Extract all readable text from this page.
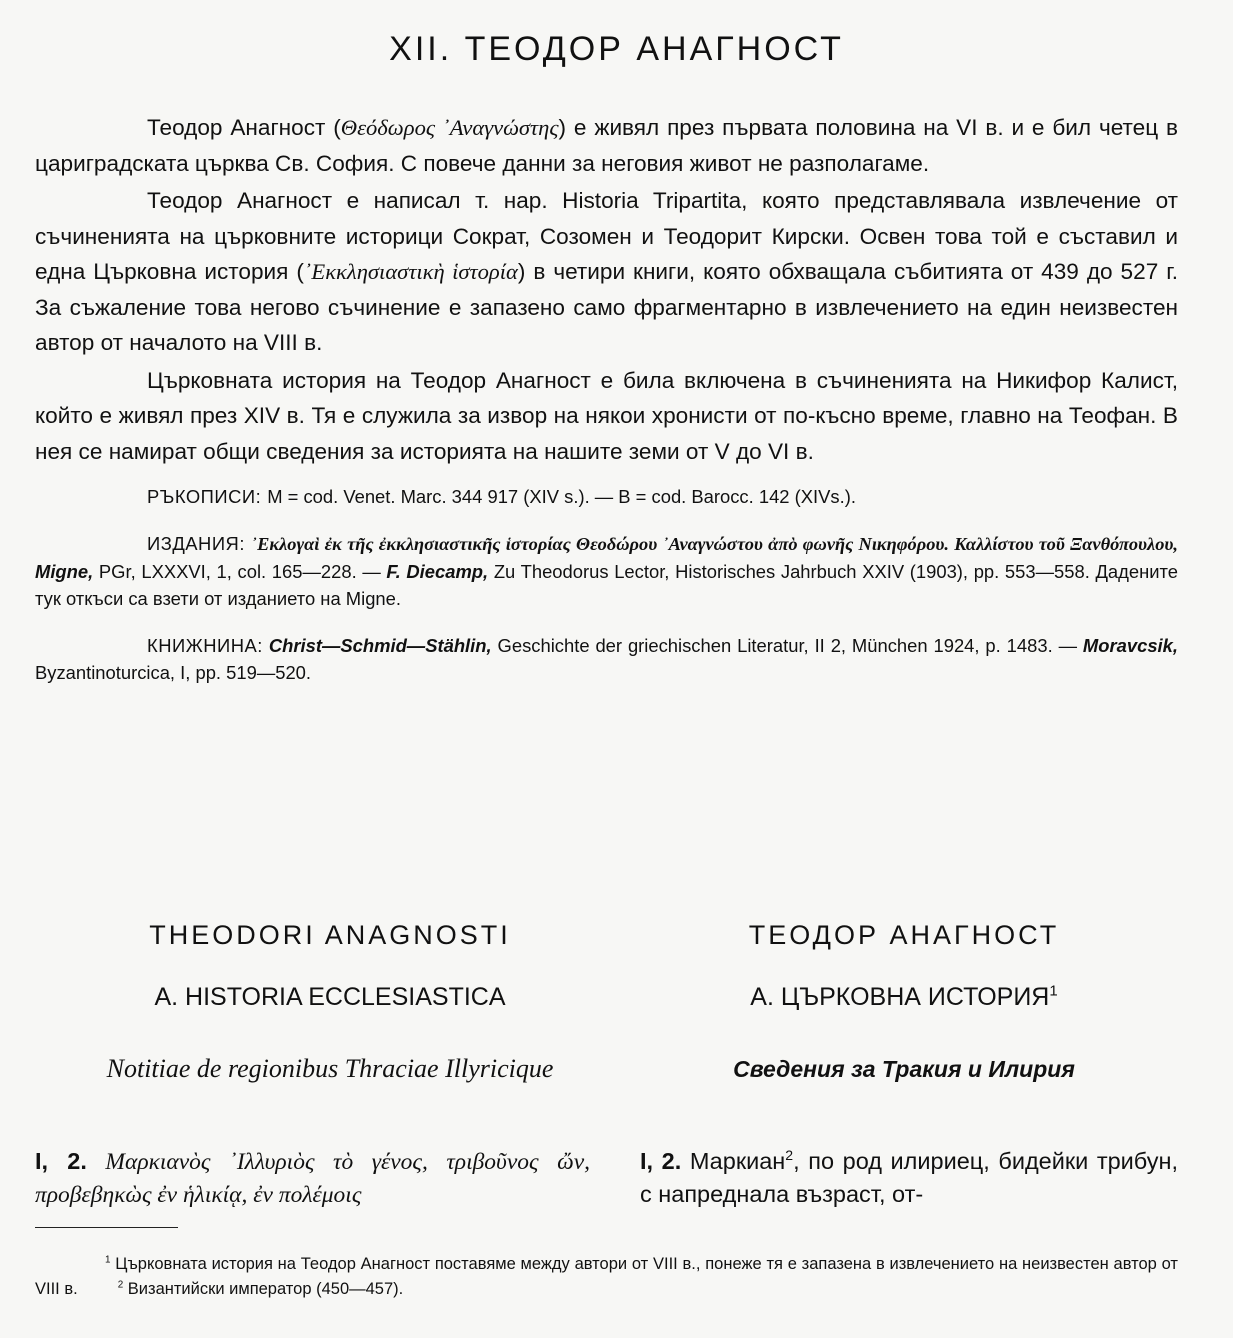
XII. ТЕОДОР АНАГНОСТ

Теодор Анагност (Θεόδωρος ᾿Αναγνώστης) е живял през първата половина на VI в. и е бил четец в цариградската църква Св. София. С повече данни за неговия живот не разполагаме.

Теодор Анагност е написал т. нар. Historia Tripartita, която представлявала извлечение от съчиненията на църковните историци Сократ, Созомен и Теодорит Кирски. Освен това той е съставил и една Църковна история (᾿Εκκλησιαστικὴ ἱστορία) в четири книги, която обхващала събитията от 439 до 527 г. За съжаление това негово съчинение е запазено само фрагментарно в извлечението на един неизвестен автор от началото на VIII в.

Църковната история на Теодор Анагност е била включена в съчиненията на Никифор Калист, който е живял през XIV в. Тя е служила за извор на някои хронисти от по-късно време, главно на Теофан. В нея се намират общи сведения за историята на нашите земи от V до VI в.

РЪКОПИСИ: M = cod. Venet. Marc. 344 917 (XIV s.). — B = cod. Barocc. 142 (XIVs.).

ИЗДАНИЯ: ᾿Εκλογαὶ ἐκ τῆς ἐκκλησιαστικῆς ἱστορίας Θεοδώρου ᾿Αναγνώστου ἀπὸ φωνῆς Νικηφόρου. Καλλίστου τοῦ Ξανθόπουλου, Migne, PGr, LXXXVI, 1, col. 165—228. — F. Diecamp, Zu Theodorus Lector, Historisches Jahrbuch XXIV (1903), pp. 553—558. Дадените тук откъси са взети от изданието на Migne.

КНИЖНИНА: Christ—Schmid—Stählin, Geschichte der griechischen Literatur, II 2, München 1924, p. 1483. — Moravcsik, Byzantinoturcica, I, pp. 519—520.

THEODORI ANAGNOSTI
A. HISTORIA ECCLESIASTICA
Notitiae de regionibus Thraciae Illyricique
ТЕОДОР АНАГНОСТ
А. ЦЪРКОВНА ИСТОРИЯ$^1$
Сведения за Тракия и Илирия
I, 2. Μαρκιανὸς ᾿Ιλλυριὸς τὸ γένος, τριβοῦνος ὤν, προβεβηκὼς ἐν ἡλικίᾳ, ἐν πολέμοις
I, 2. Маркиан$^2$, по род илириец, бидейки трибун, с напреднала възраст, от-
$^1$ Църковната история на Теодор Анагност поставяме между автори от VIII в., понеже тя е запазена в извлечението на неизвестен автор от VIII в.	$^2$ Византийски император (450—457).
